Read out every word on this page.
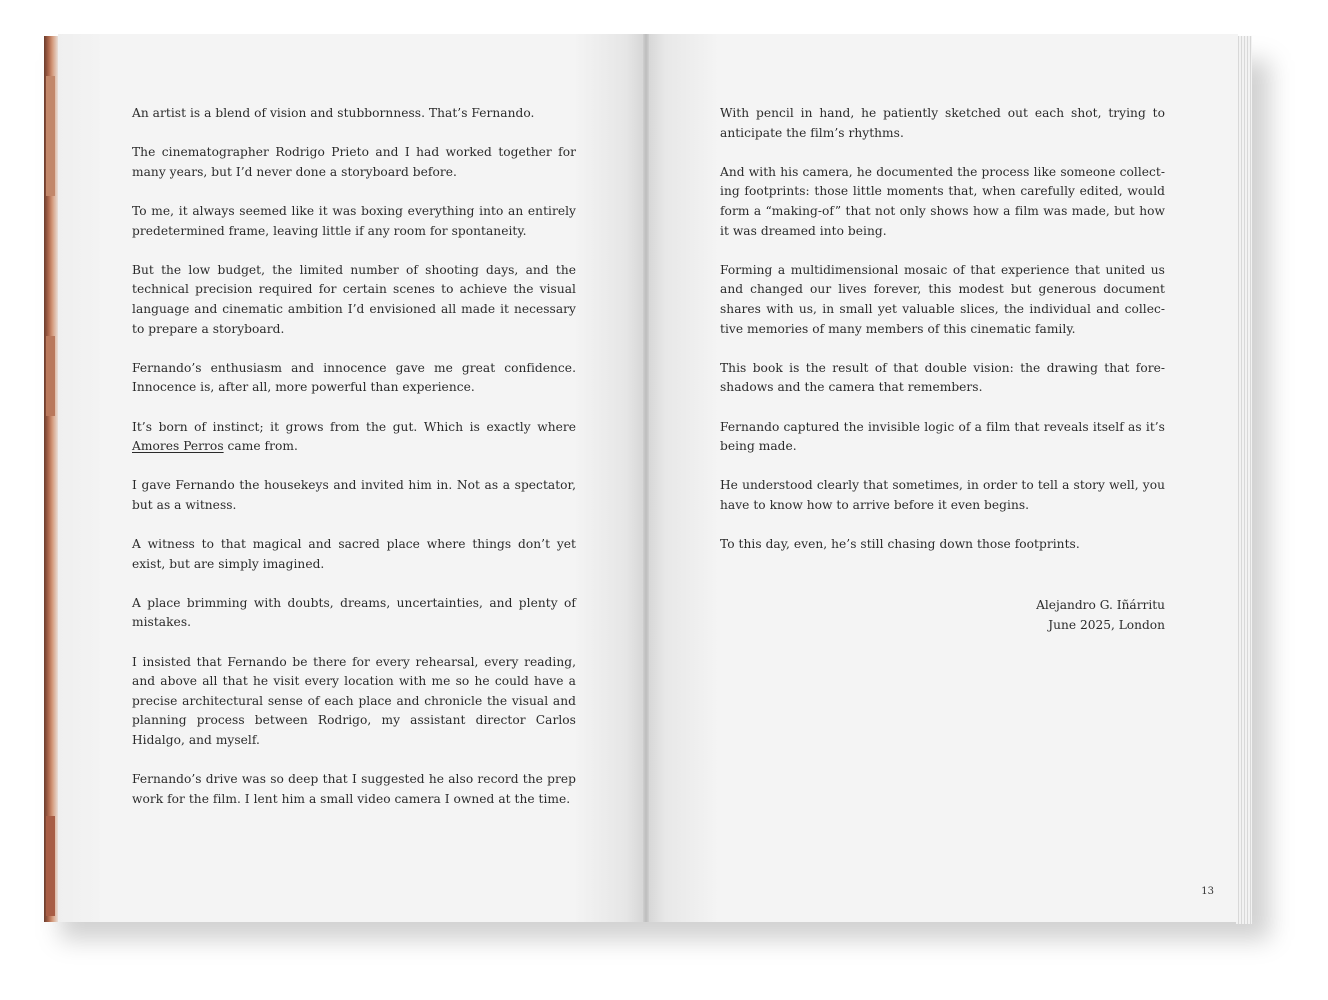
An artist is a blend of vision and stubbornness. That’s Fernando.

The cinematographer Rodrigo Prieto and I had worked together for many years, but I’d never done a storyboard before.

To me, it always seemed like it was boxing everything into an entirely predetermined frame, leaving little if any room for spontaneity.

But the low budget, the limited number of shooting days, and the technical precision required for certain scenes to achieve the visual language and cinematic ambition I’d envisioned all made it necessary to prepare a storyboard.

Fernando’s enthusiasm and innocence gave me great confidence. Innocence is, after all, more powerful than experience.

It’s born of instinct; it grows from the gut. Which is exactly where Amores Perros came from.

I gave Fernando the housekeys and invited him in. Not as a spectator, but as a witness.

A witness to that magical and sacred place where things don’t yet exist, but are simply imagined.

A place brimming with doubts, dreams, uncertainties, and plenty of mistakes.

I insisted that Fernando be there for every rehearsal, every reading, and above all that he visit every location with me so he could have a precise architectural sense of each place and chronicle the visual and planning process between Rodrigo, my assistant director Carlos Hidalgo, and myself.

Fernando’s drive was so deep that I suggested he also record the prep work for the film. I lent him a small video camera I owned at the time.

With pencil in hand, he patiently sketched out each shot, trying to anticipate the film’s rhythms.

And with his camera, he documented the process like someone collecting footprints: those little moments that, when carefully edited, would form a “making-of” that not only shows how a film was made, but how it was dreamed into being.

Forming a multidimensional mosaic of that experience that united us and changed our lives forever, this modest but generous document shares with us, in small yet valuable slices, the individual and collective memories of many members of this cinematic family.

This book is the result of that double vision: the drawing that foreshadows and the camera that remembers.

Fernando captured the invisible logic of a film that reveals itself as it’s being made.

He understood clearly that sometimes, in order to tell a story well, you have to know how to arrive before it even begins.

To this day, even, he’s still chasing down those footprints.

Alejandro G. Iñárritu
June 2025, London
13
